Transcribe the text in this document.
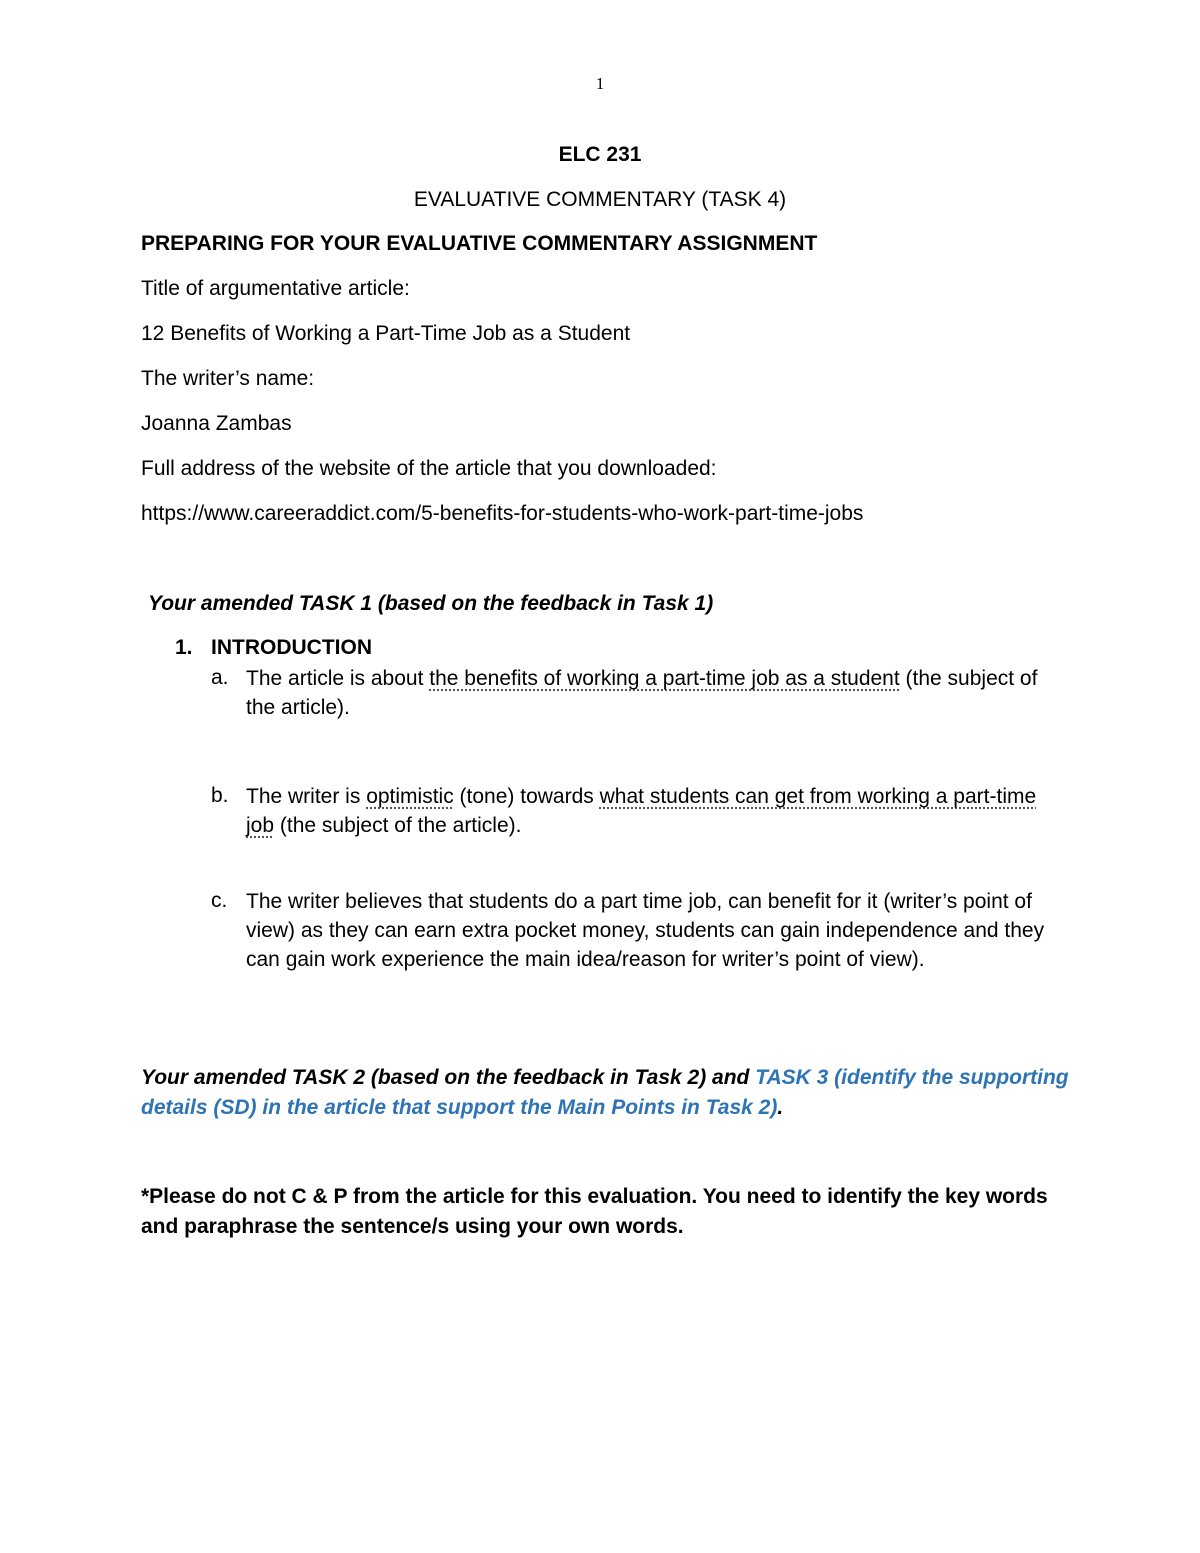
1
ELC 231
EVALUATIVE COMMENTARY (TASK 4)
PREPARING FOR YOUR EVALUATIVE COMMENTARY ASSIGNMENT
Title of argumentative article:
12 Benefits of Working a Part-Time Job as a Student
The writer’s name:
Joanna Zambas
Full address of the website of the article that you downloaded:
https://www.careeraddict.com/5-benefits-for-students-who-work-part-time-jobs
Your amended TASK 1 (based on the feedback in Task 1)
1. INTRODUCTION
a. The article is about the benefits of working a part-time job as a student (the subject of the article).
b. The writer is optimistic (tone) towards what students can get from working a part-time job (the subject of the article).
c. The writer believes that students do a part time job, can benefit for it (writer’s point of view) as they can earn extra pocket money, students can gain independence and they can gain work experience the main idea/reason for writer’s point of view).
Your amended TASK 2 (based on the feedback in Task 2) and TASK 3 (identify the supporting details (SD) in the article that support the Main Points in Task 2).
*Please do not C & P from the article for this evaluation. You need to identify the key words and paraphrase the sentence/s using your own words.
